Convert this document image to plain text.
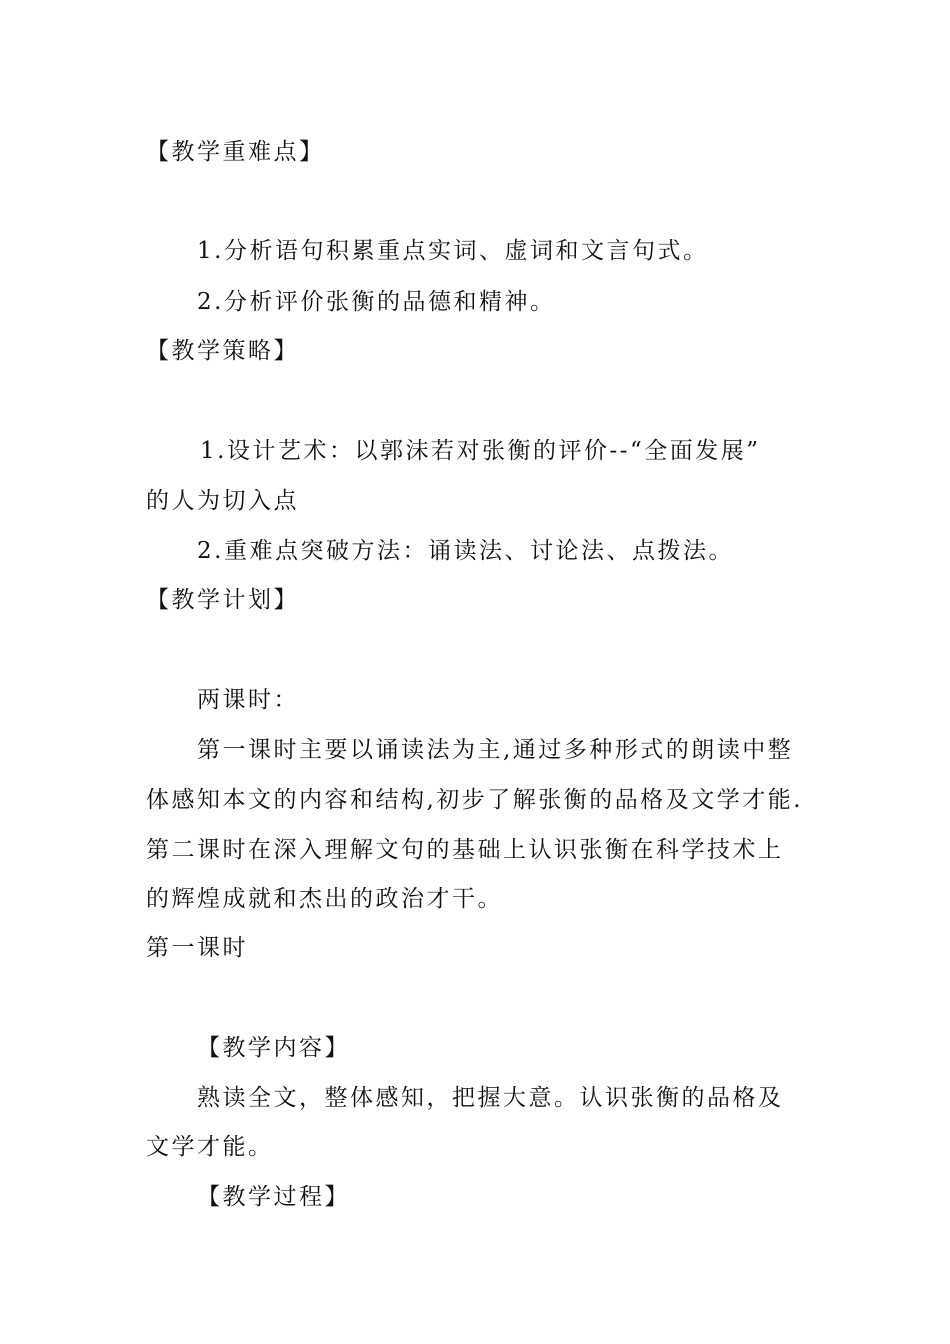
【教学重难点】
1.分析语句积累重点实词、虚词和文言句式。
2.分析评价张衡的品德和精神。
【教学策略】
1.设计艺术：以郭沫若对张衡的评价--“全面发展”
的人为切入点
2.重难点突破方法：诵读法、讨论法、点拨法。
【教学计划】
两课时：
第一课时主要以诵读法为主,通过多种形式的朗读中整
体感知本文的内容和结构,初步了解张衡的品格及文学才能.
第二课时在深入理解文句的基础上认识张衡在科学技术上
的辉煌成就和杰出的政治才干。
第一课时
【教学内容】
熟读全文，整体感知，把握大意。认识张衡的品格及
文学才能。
【教学过程】
